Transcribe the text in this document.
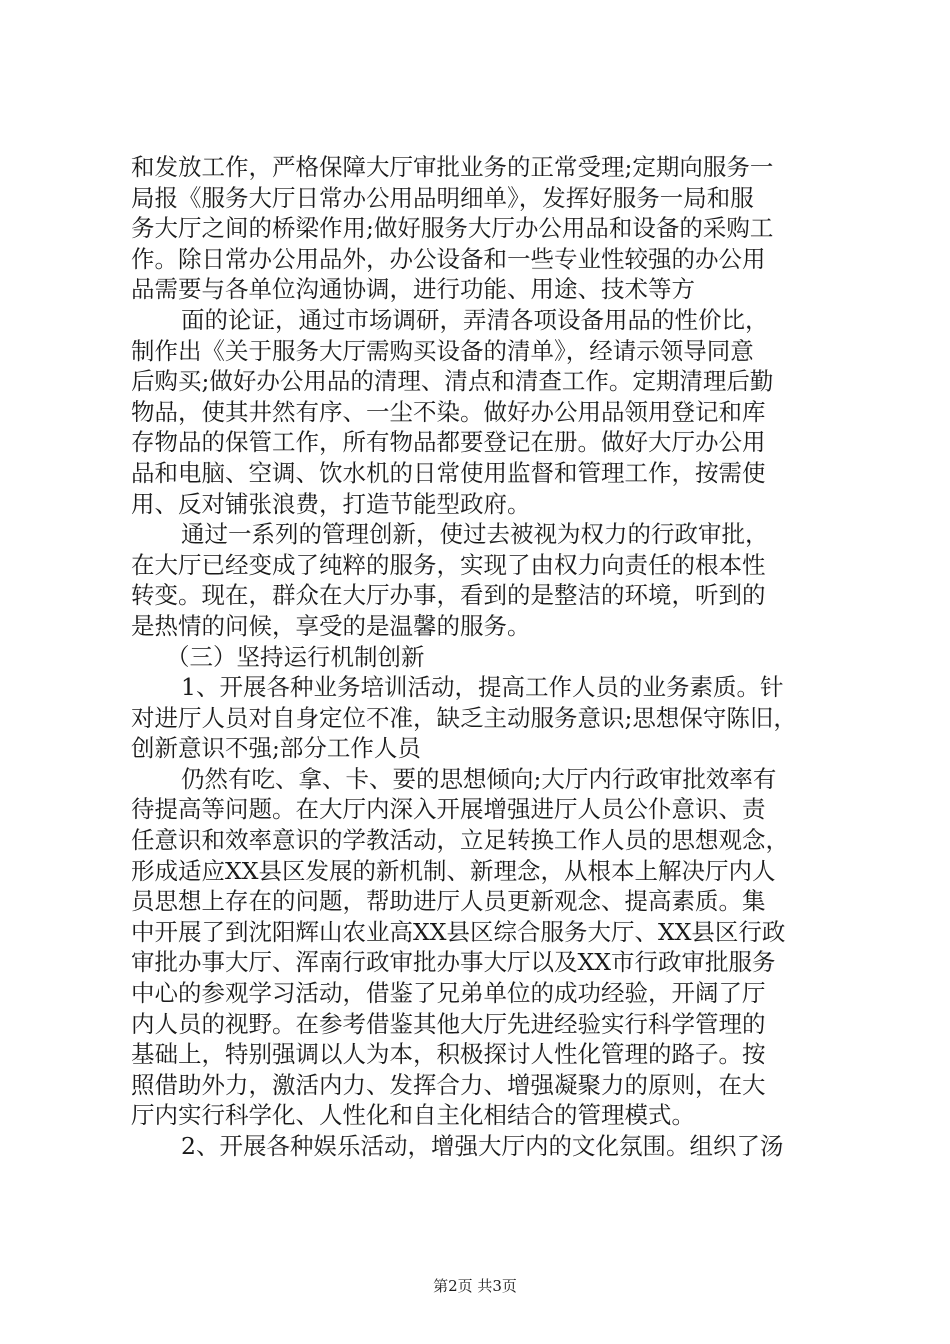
和发放工作，严格保障大厅审批业务的正常受理;定期向服务一
局报《服务大厅日常办公用品明细单》，发挥好服务一局和服
务大厅之间的桥梁作用;做好服务大厅办公用品和设备的采购工
作。除日常办公用品外，办公设备和一些专业性较强的办公用
品需要与各单位沟通协调，进行功能、用途、技术等方
面的论证，通过市场调研，弄清各项设备用品的性价比，
制作出《关于服务大厅需购买设备的清单》，经请示领导同意
后购买;做好办公用品的清理、清点和清查工作。定期清理后勤
物品，使其井然有序、一尘不染。做好办公用品领用登记和库
存物品的保管工作，所有物品都要登记在册。做好大厅办公用
品和电脑、空调、饮水机的日常使用监督和管理工作，按需使
用、反对铺张浪费，打造节能型政府。
通过一系列的管理创新，使过去被视为权力的行政审批，
在大厅已经变成了纯粹的服务，实现了由权力向责任的根本性
转变。现在，群众在大厅办事，看到的是整洁的环境，听到的
是热情的问候，享受的是温馨的服务。
（三）坚持运行机制创新
1、开展各种业务培训活动，提高工作人员的业务素质。针
对进厅人员对自身定位不准，缺乏主动服务意识;思想保守陈旧，
创新意识不强;部分工作人员
仍然有吃、拿、卡、要的思想倾向;大厅内行政审批效率有
待提高等问题。在大厅内深入开展增强进厅人员公仆意识、责
任意识和效率意识的学教活动，立足转换工作人员的思想观念，
形成适应XX县区发展的新机制、新理念，从根本上解决厅内人
员思想上存在的问题，帮助进厅人员更新观念、提高素质。集
中开展了到沈阳辉山农业高XX县区综合服务大厅、XX县区行政
审批办事大厅、浑南行政审批办事大厅以及XX市行政审批服务
中心的参观学习活动，借鉴了兄弟单位的成功经验，开阔了厅
内人员的视野。在参考借鉴其他大厅先进经验实行科学管理的
基础上，特别强调以人为本，积极探讨人性化管理的路子。按
照借助外力，激活内力、发挥合力、增强凝聚力的原则，在大
厅内实行科学化、人性化和自主化相结合的管理模式。
2、开展各种娱乐活动，增强大厅内的文化氛围。组织了汤
第2页 共3页
